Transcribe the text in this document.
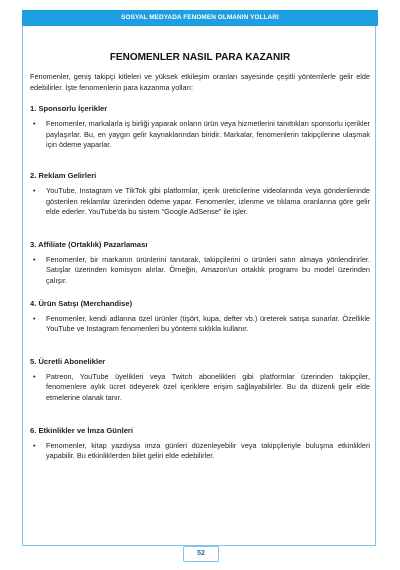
SOSYAL MEDYADA FENOMEN OLMANIN YOLLARI
FENOMENLER NASIL PARA KAZANIR

Fenomenler, geniş takipçi kitleleri ve yüksek etkileşim oranları sayesinde çeşitli yöntemlerle gelir elde edebilirler. İşte fenomenlerin para kazanma yolları:

1. Sponsorlu İçerikler
• Fenomenler, markalarla iş birliği yaparak onların ürün veya hizmetlerini tanıttıkları sponsorlu içerikler paylaşırlar. Bu, en yaygın gelir kaynaklarından biridir. Markalar, fenomenlerin takipçilerine ulaşmak için ödeme yaparlar.
2. Reklam Gelirleri
• YouTube, Instagram ve TikTok gibi platformlar, içerik üreticilerine videolarında veya gönderilerinde gösterilen reklamlar üzerinden ödeme yapar. Fenomenler, izlenme ve tıklama oranlarına göre gelir elde ederler. YouTube'da bu sistem "Google AdSense" ile işler.
3. Affiliate (Ortaklık) Pazarlaması
• Fenomenler, bir markanın ürünlerini tanıtarak, takipçilerini o ürünleri satın almaya yönlendirirler. Satışlar üzerinden komisyon alırlar. Örneğin, Amazon'un ortaklık programı bu model üzerinden çalışır.
4. Ürün Satışı (Merchandise)
• Fenomenler, kendi adlarına özel ürünler (tişört, kupa, defter vb.) üreterek satışa sunarlar. Özellikle YouTube ve Instagram fenomenleri bu yöntemi sıklıkla kullanır.
5. Ücretli Abonelikler
• Patreon, YouTube üyelikleri veya Twitch abonelikleri gibi platformlar üzerinden takipçiler, fenomenlere aylık ücret ödeyerek özel içeriklere erişim sağlayabilirler. Bu da düzenli gelir elde etmelerine olanak tanır.
6. Etkinlikler ve İmza Günleri
• Fenomenler, kitap yazdıysa imza günleri düzenleyebilir veya takipçileriyle buluşma etkinlikleri yapabilir. Bu etkinliklerden bilet geliri elde edebilirler.
52
